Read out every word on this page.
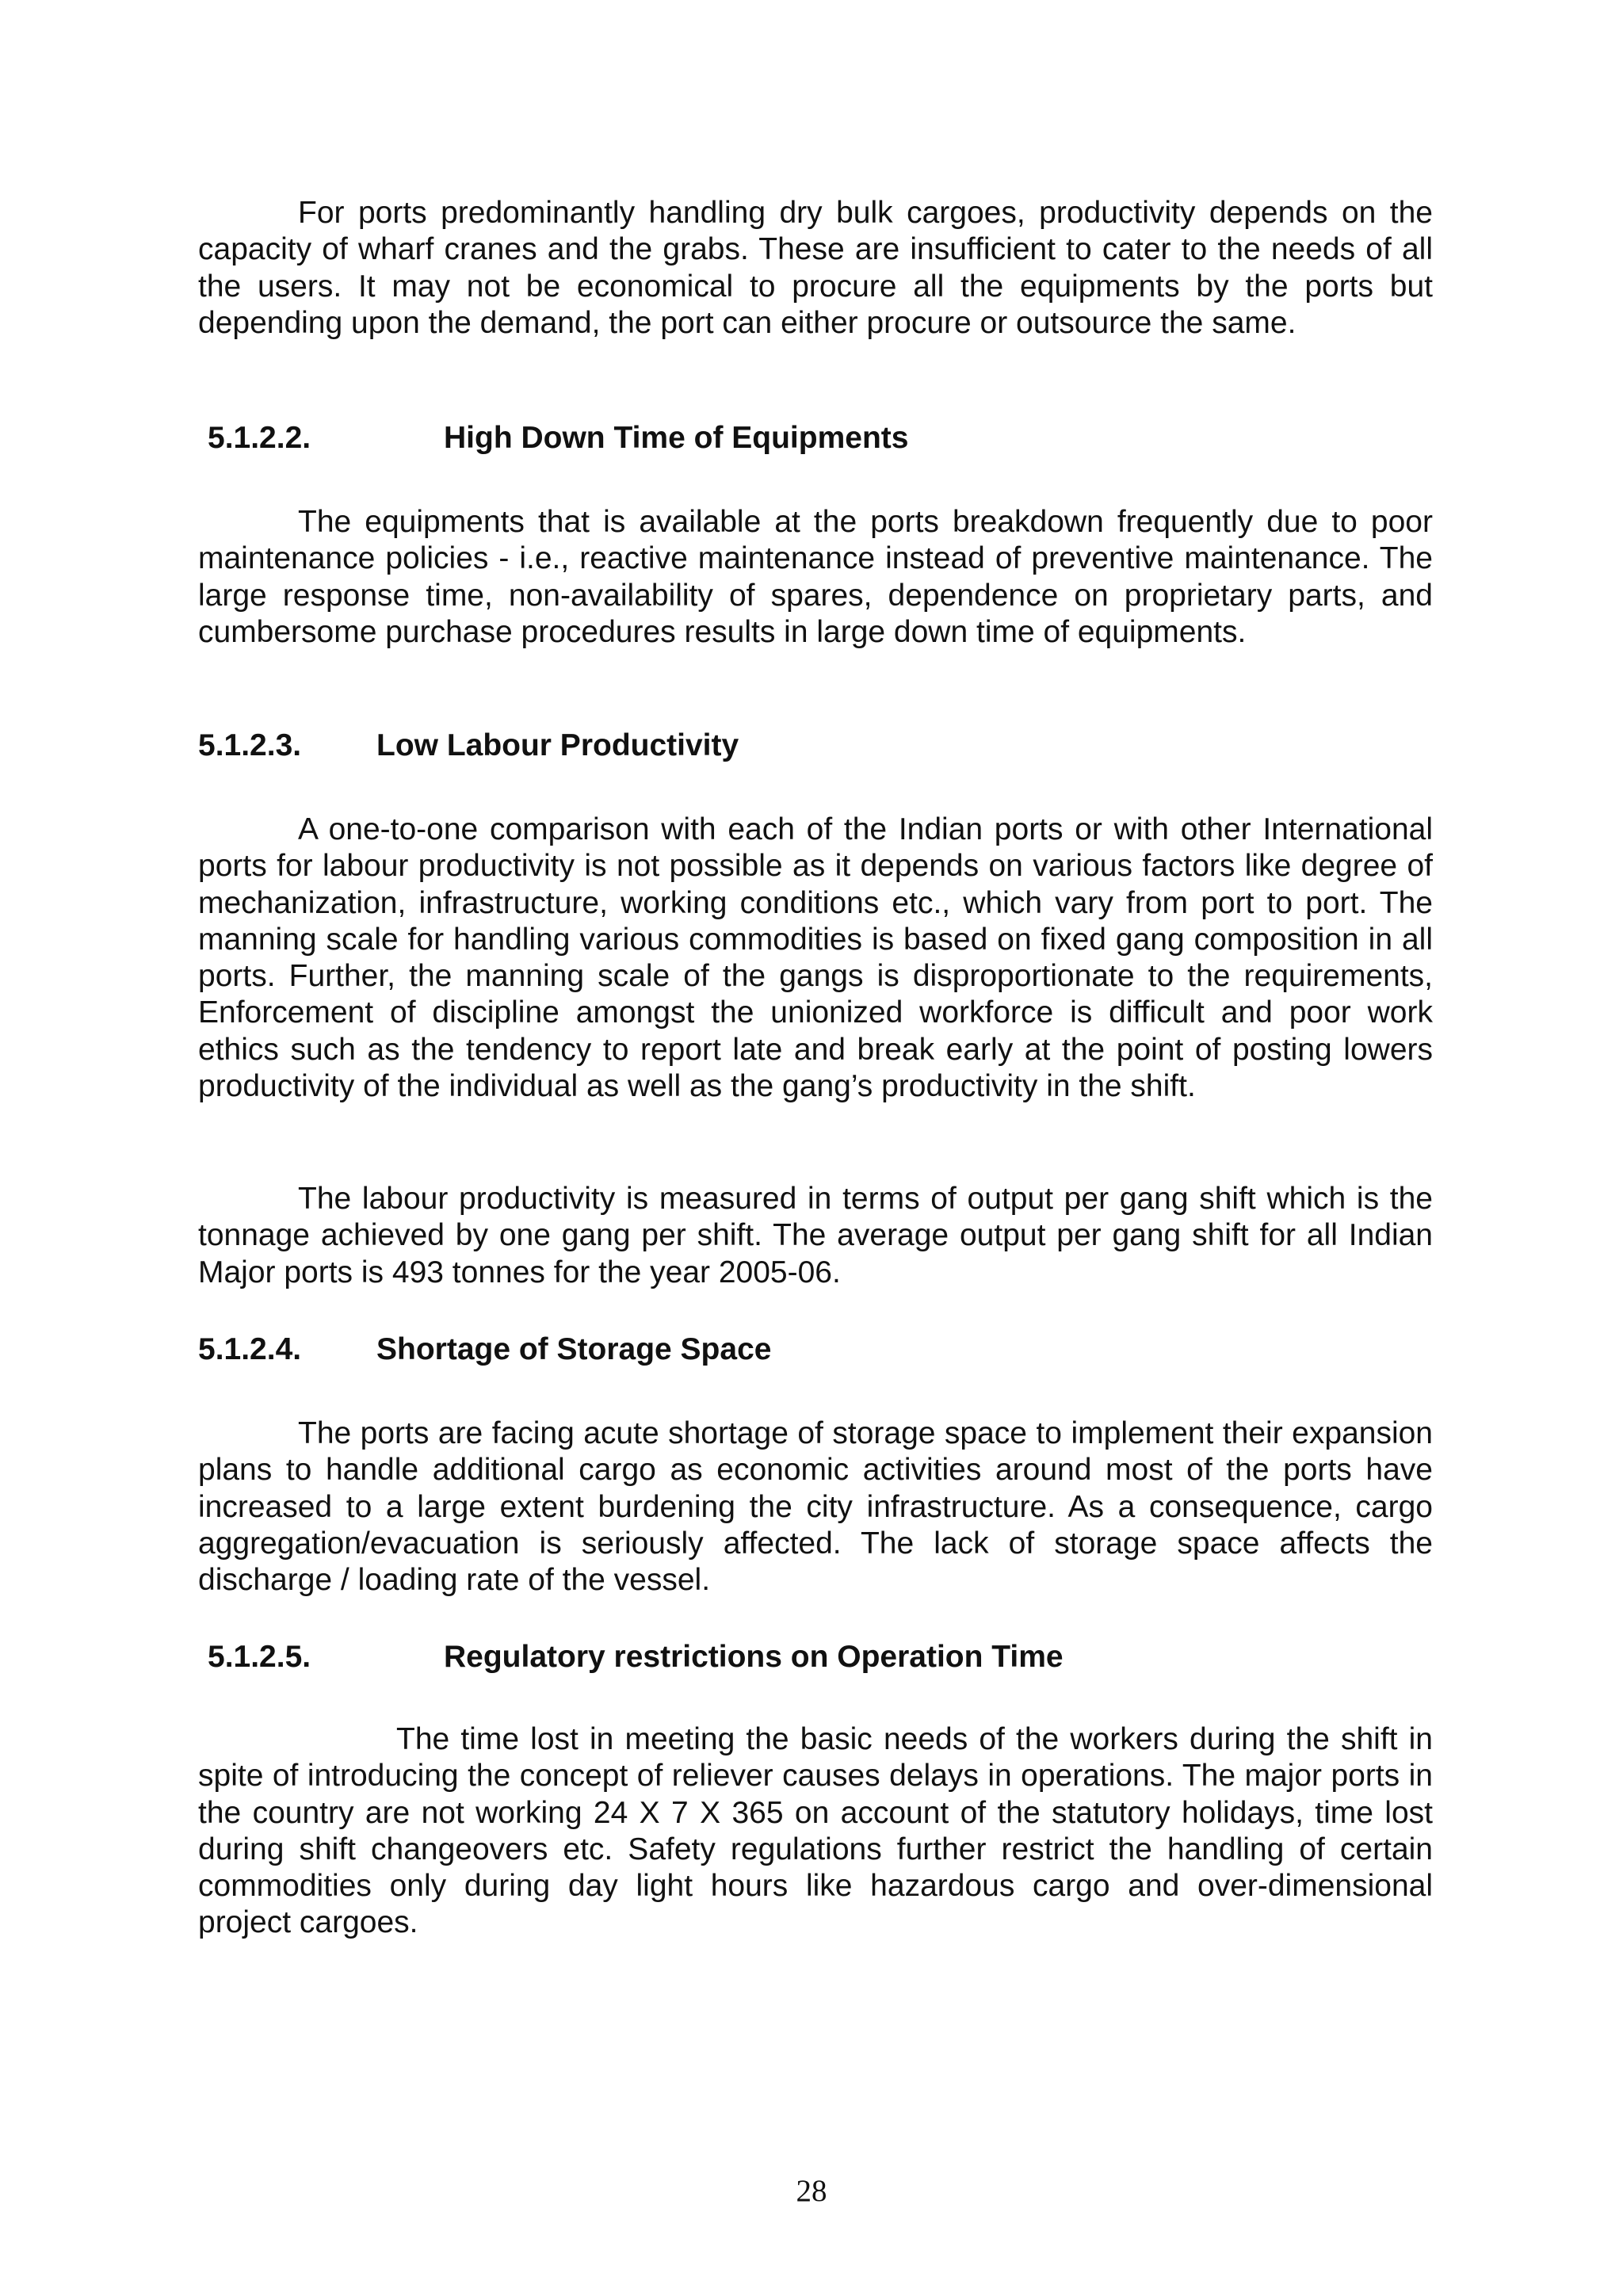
For ports predominantly handling dry bulk cargoes, productivity depends on the capacity of wharf cranes and the grabs. These are insufficient to cater to the needs of all the users. It may not be economical to procure all the equipments by the ports but depending upon the demand, the port can either procure or outsource the same.

5.1.2.2.	High Down Time of Equipments

The equipments that is available at the ports breakdown frequently due to poor maintenance policies - i.e., reactive maintenance instead of preventive maintenance. The large response time, non-availability of spares, dependence on proprietary parts, and cumbersome purchase procedures results in large down time of equipments.

5.1.2.3.	Low Labour Productivity

A one-to-one comparison with each of the Indian ports or with other International ports for labour productivity is not possible as it depends on various factors like degree of mechanization, infrastructure, working conditions etc., which vary from port to port. The manning scale for handling various commodities is based on fixed gang composition in all ports. Further, the manning scale of the gangs is disproportionate to the requirements, Enforcement of discipline amongst the unionized workforce is difficult and poor work ethics such as the tendency to report late and break early at the point of posting lowers productivity of the individual as well as the gang’s productivity in the shift.

The labour productivity is measured in terms of output per gang shift which is the tonnage achieved by one gang per shift. The average output per gang shift for all Indian Major ports is 493 tonnes for the year 2005-06.

5.1.2.4.	Shortage of Storage Space

The ports are facing acute shortage of storage space to implement their expansion plans to handle additional cargo as economic activities around most of the ports have increased to a large extent burdening the city infrastructure. As a consequence, cargo aggregation/evacuation is seriously affected. The lack of storage space affects the discharge / loading rate of the vessel.

5.1.2.5.	Regulatory restrictions on Operation Time

The time lost in meeting the basic needs of the workers during the shift in spite of introducing the concept of reliever causes delays in operations. The major ports in the country are not working 24 X 7 X 365 on account of the statutory holidays, time lost during shift changeovers etc. Safety regulations further restrict the handling of certain commodities only during day light hours like hazardous cargo and over-dimensional project cargoes.

28
